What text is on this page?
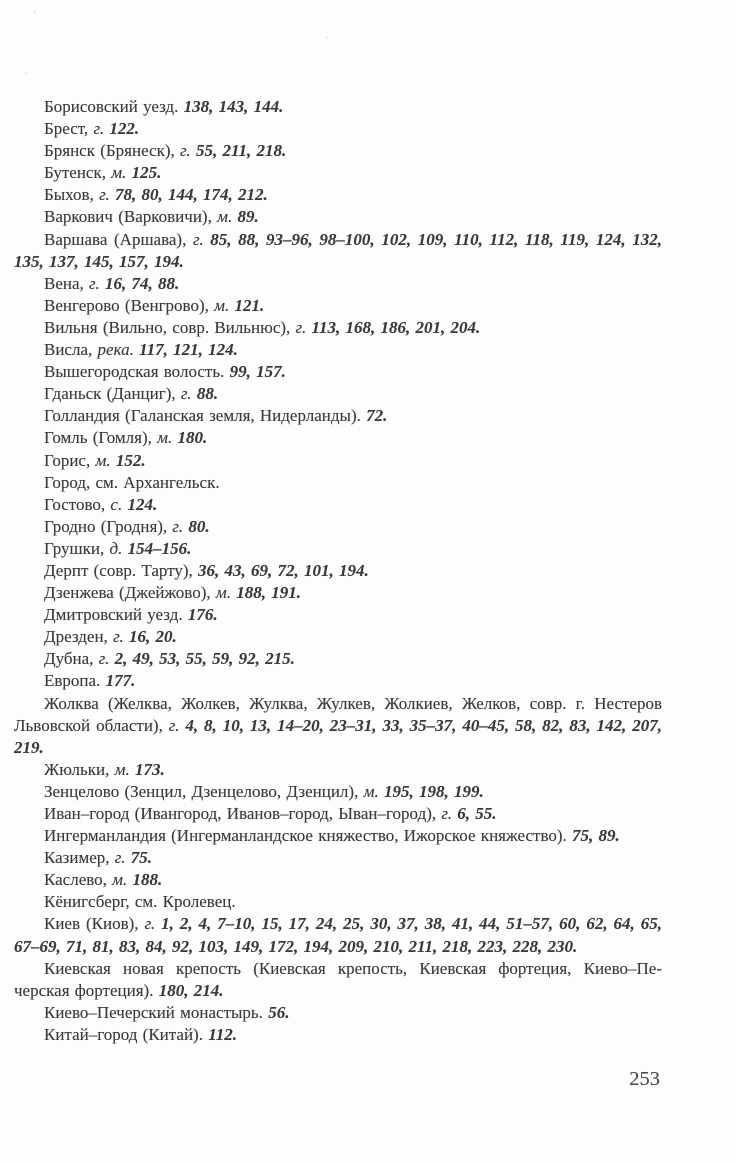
Борисовский уезд. 138, 143, 144.

Брест, г. 122.

Брянск (Брянеск), г. 55, 211, 218.

Бутенск, м. 125.

Быхов, г. 78, 80, 144, 174, 212.

Варкович (Варковичи), м. 89.

Варшава (Аршава), г. 85, 88, 93–96, 98–100, 102, 109, 110, 112, 118, 119, 124, 132, 135, 137, 145, 157, 194.

Вена, г. 16, 74, 88.

Венгерово (Венгрово), м. 121.

Вильня (Вильно, совр. Вильнюс), г. 113, 168, 186, 201, 204.

Висла, река. 117, 121, 124.

Вышегородская волость. 99, 157.

Гданьск (Данциг), г. 88.

Голландия (Галанская земля, Нидерланды). 72.

Гомль (Гомля), м. 180.

Горис, м. 152.

Город, см. Архангельск.

Гостово, с. 124.

Гродно (Гродня), г. 80.

Грушки, д. 154–156.

Дерпт (совр. Тарту), 36, 43, 69, 72, 101, 194.

Дзенжева (Джейжово), м. 188, 191.

Дмитровский уезд. 176.

Дрезден, г. 16, 20.

Дубна, г. 2, 49, 53, 55, 59, 92, 215.

Европа. 177.

Жолква (Желква, Жолкев, Жулква, Жулкев, Жолкиев, Желков, совр. г. Нестеров Львовской области), г. 4, 8, 10, 13, 14–20, 23–31, 33, 35–37, 40–45, 58, 82, 83, 142, 207, 219.

Жюльки, м. 173.

Зенцелово (Зенцил, Дзенцелово, Дзенцил), м. 195, 198, 199.

Иван–город (Ивангород, Иванов–город, Ыван–город), г. 6, 55.

Ингерманландия (Ингерманландское княжество, Ижорское княжество). 75, 89.

Казимер, г. 75.

Каслево, м. 188.

Кёнигсберг, см. Кролевец.

Киев (Киов), г. 1, 2, 4, 7–10, 15, 17, 24, 25, 30, 37, 38, 41, 44, 51–57, 60, 62, 64, 65, 67–69, 71, 81, 83, 84, 92, 103, 149, 172, 194, 209, 210, 211, 218, 223, 228, 230.

Киевская новая крепость (Киевская крепость, Киевская фортеция, Киево–Печерская фортеция). 180, 214.

Киево–Печерский монастырь. 56.

Китай–город (Китай). 112.

253
